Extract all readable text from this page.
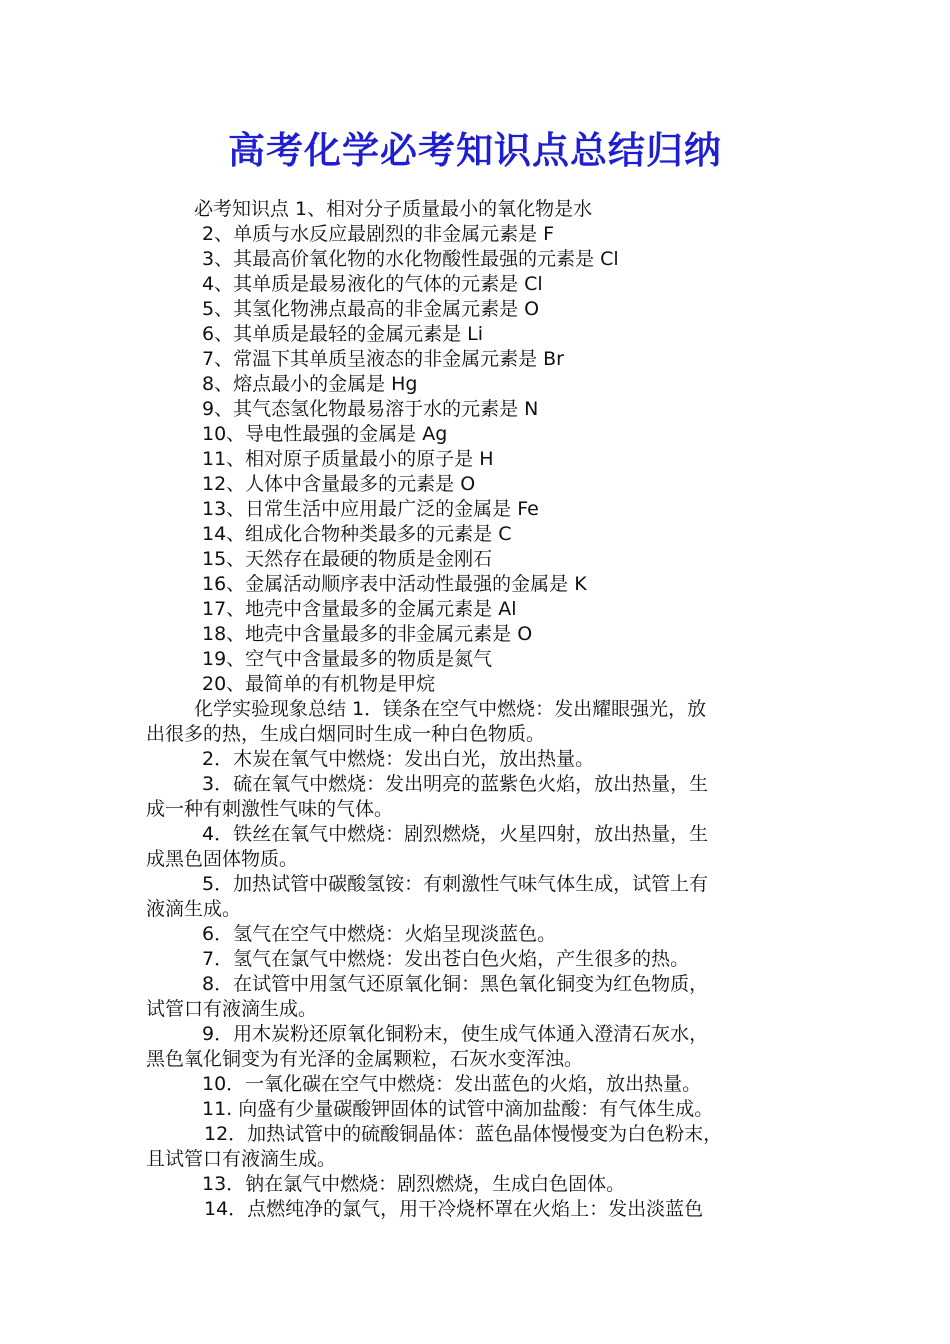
高考化学必考知识点总结归纳
必考知识点 1、相对分子质量最小的氧化物是水
2、单质与水反应最剧烈的非金属元素是 F
3、其最高价氧化物的水化物酸性最强的元素是 Cl
4、其单质是最易液化的气体的元素是 Cl
5、其氢化物沸点最高的非金属元素是 O
6、其单质是最轻的金属元素是 Li
7、常温下其单质呈液态的非金属元素是 Br
8、熔点最小的金属是 Hg
9、其气态氢化物最易溶于水的元素是 N
10、导电性最强的金属是 Ag
11、相对原子质量最小的原子是 H
12、人体中含量最多的元素是 O
13、日常生活中应用最广泛的金属是 Fe
14、组成化合物种类最多的元素是 C
15、天然存在最硬的物质是金刚石
16、金属活动顺序表中活动性最强的金属是 K
17、地壳中含量最多的金属元素是 Al
18、地壳中含量最多的非金属元素是 O
19、空气中含量最多的物质是氮气
20、最简单的有机物是甲烷
化学实验现象总结 1．镁条在空气中燃烧：发出耀眼强光，放
出很多的热，生成白烟同时生成一种白色物质。
2．木炭在氧气中燃烧：发出白光，放出热量。
3．硫在氧气中燃烧：发出明亮的蓝紫色火焰，放出热量，生
成一种有刺激性气味的气体。
4．铁丝在氧气中燃烧：剧烈燃烧，火星四射，放出热量，生
成黑色固体物质。
5．加热试管中碳酸氢铵：有刺激性气味气体生成，试管上有
液滴生成。
6．氢气在空气中燃烧：火焰呈现淡蓝色。
7．氢气在氯气中燃烧：发出苍白色火焰，产生很多的热。
8．在试管中用氢气还原氧化铜：黑色氧化铜变为红色物质，
试管口有液滴生成。
9．用木炭粉还原氧化铜粉末，使生成气体通入澄清石灰水，
黑色氧化铜变为有光泽的金属颗粒，石灰水变浑浊。
10．一氧化碳在空气中燃烧：发出蓝色的火焰，放出热量。
11. 向盛有少量碳酸钾固体的试管中滴加盐酸：有气体生成。
12．加热试管中的硫酸铜晶体：蓝色晶体慢慢变为白色粉末，
且试管口有液滴生成。
13．钠在氯气中燃烧：剧烈燃烧，生成白色固体。
14．点燃纯净的氯气，用干冷烧杯罩在火焰上：发出淡蓝色
